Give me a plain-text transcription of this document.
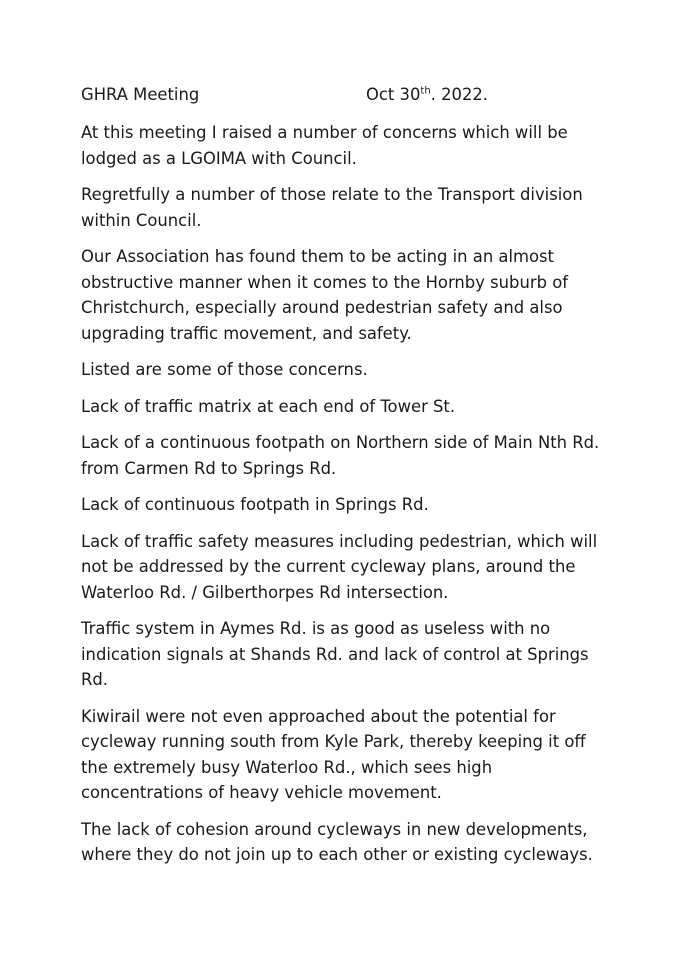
GHRA Meeting	Oct 30th. 2022.

At this meeting I raised a number of concerns which will be lodged as a LGOIMA with Council.

Regretfully a number of those relate to the Transport division within Council.

Our Association has found them to be acting in an almost obstructive manner when it comes to the Hornby suburb of Christchurch, especially around pedestrian safety and also upgrading traffic movement, and safety.

Listed are some of those concerns.

Lack of traffic matrix at each end of Tower St.

Lack of a continuous footpath on Northern side of Main Nth Rd. from Carmen Rd to Springs Rd.

Lack of continuous footpath in Springs Rd.

Lack of traffic safety measures including pedestrian, which will not be addressed by the current cycleway plans, around the Waterloo Rd. / Gilberthorpes Rd intersection.

Traffic system in Aymes Rd. is as good as useless with no indication signals at Shands Rd. and lack of control at Springs Rd.

Kiwirail were not even approached about the potential for cycleway running south from Kyle Park, thereby keeping it off the extremely busy Waterloo Rd., which sees high concentrations of heavy vehicle movement.

The lack of cohesion around cycleways in new developments, where they do not join up to each other or existing cycleways.
